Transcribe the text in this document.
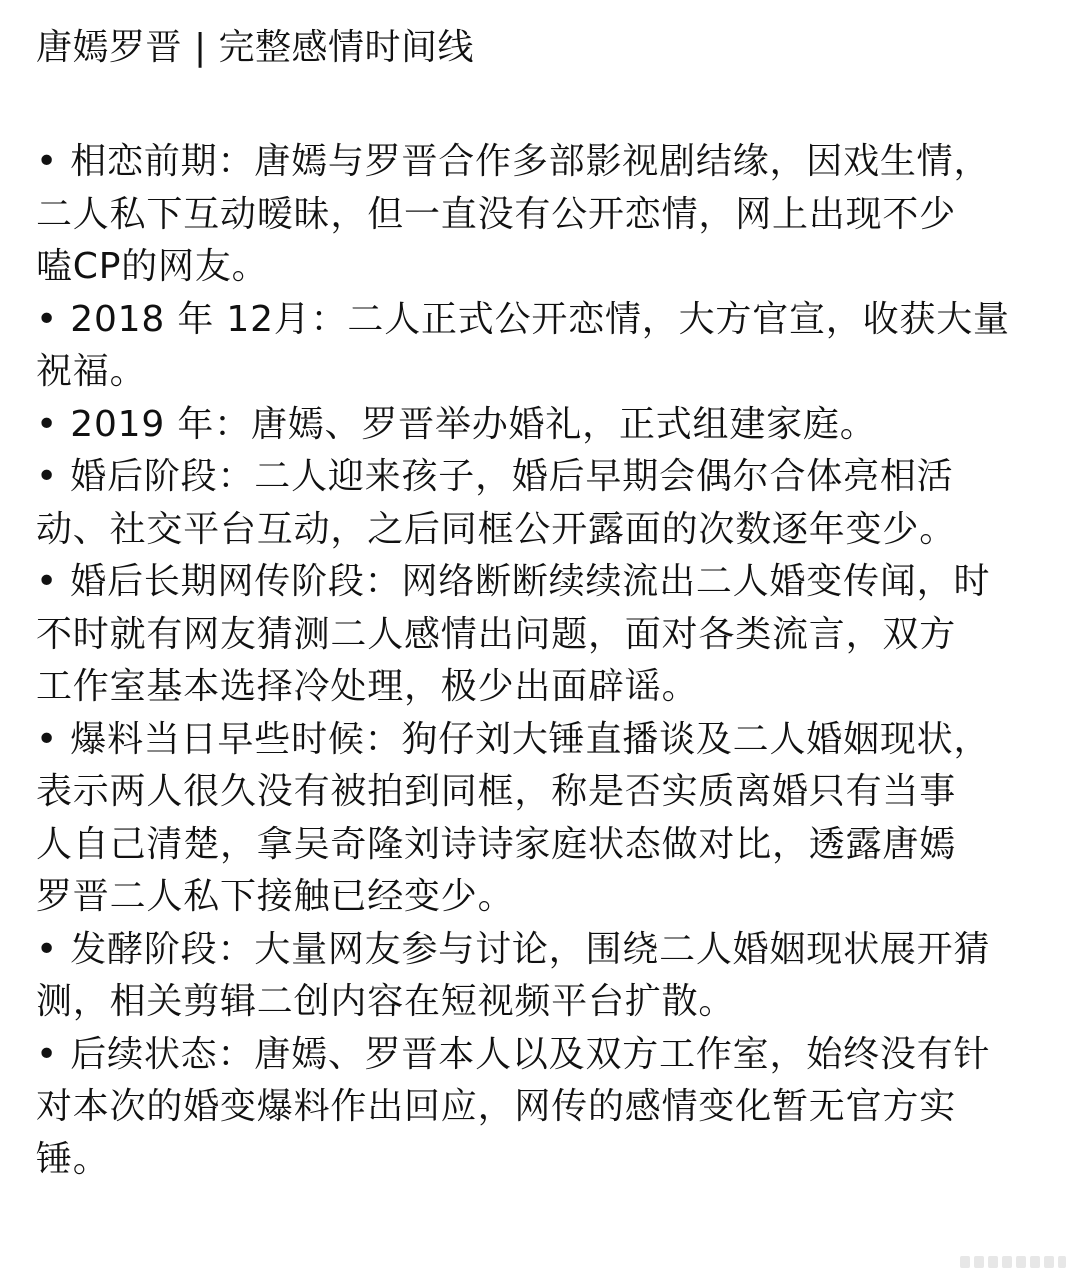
唐嫣罗晋 | 完整感情时间线
• 相恋前期：唐嫣与罗晋合作多部影视剧结缘，因戏生情，
二人私下互动暧昧，但一直没有公开恋情，网上出现不少
嗑CP的网友。
• 2018 年 12月：二人正式公开恋情，大方官宣，收获大量
祝福。
• 2019 年：唐嫣、罗晋举办婚礼，正式组建家庭。
• 婚后阶段：二人迎来孩子，婚后早期会偶尔合体亮相活
动、社交平台互动，之后同框公开露面的次数逐年变少。
• 婚后长期网传阶段：网络断断续续流出二人婚变传闻，时
不时就有网友猜测二人感情出问题，面对各类流言，双方
工作室基本选择冷处理，极少出面辟谣。
• 爆料当日早些时候：狗仔刘大锤直播谈及二人婚姻现状，
表示两人很久没有被拍到同框，称是否实质离婚只有当事
人自己清楚，拿吴奇隆刘诗诗家庭状态做对比，透露唐嫣
罗晋二人私下接触已经变少。
• 发酵阶段：大量网友参与讨论，围绕二人婚姻现状展开猜
测，相关剪辑二创内容在短视频平台扩散。
• 后续状态：唐嫣、罗晋本人以及双方工作室，始终没有针
对本次的婚变爆料作出回应，网传的感情变化暂无官方实
锤。
